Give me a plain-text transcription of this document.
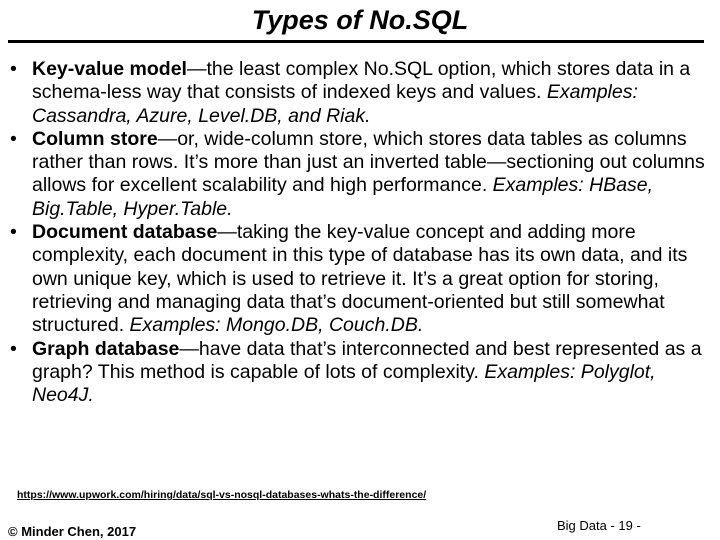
Types of No.SQL
• Key-value model—the least complex No.SQL option, which stores data in a schema-less way that consists of indexed keys and values. Examples: Cassandra, Azure, Level.DB, and Riak.
• Column store—or, wide-column store, which stores data tables as columns rather than rows. It’s more than just an inverted table—sectioning out columns allows for excellent scalability and high performance. Examples: HBase, Big.Table, Hyper.Table.
• Document database—taking the key-value concept and adding more complexity, each document in this type of database has its own data, and its own unique key, which is used to retrieve it. It’s a great option for storing, retrieving and managing data that’s document-oriented but still somewhat structured. Examples: Mongo.DB, Couch.DB.
• Graph database—have data that’s interconnected and best represented as a graph? This method is capable of lots of complexity. Examples: Polyglot, Neo4J.
https://www.upwork.com/hiring/data/sql-vs-nosql-databases-whats-the-difference/
© Minder Chen, 2017	Big Data - 19 -
